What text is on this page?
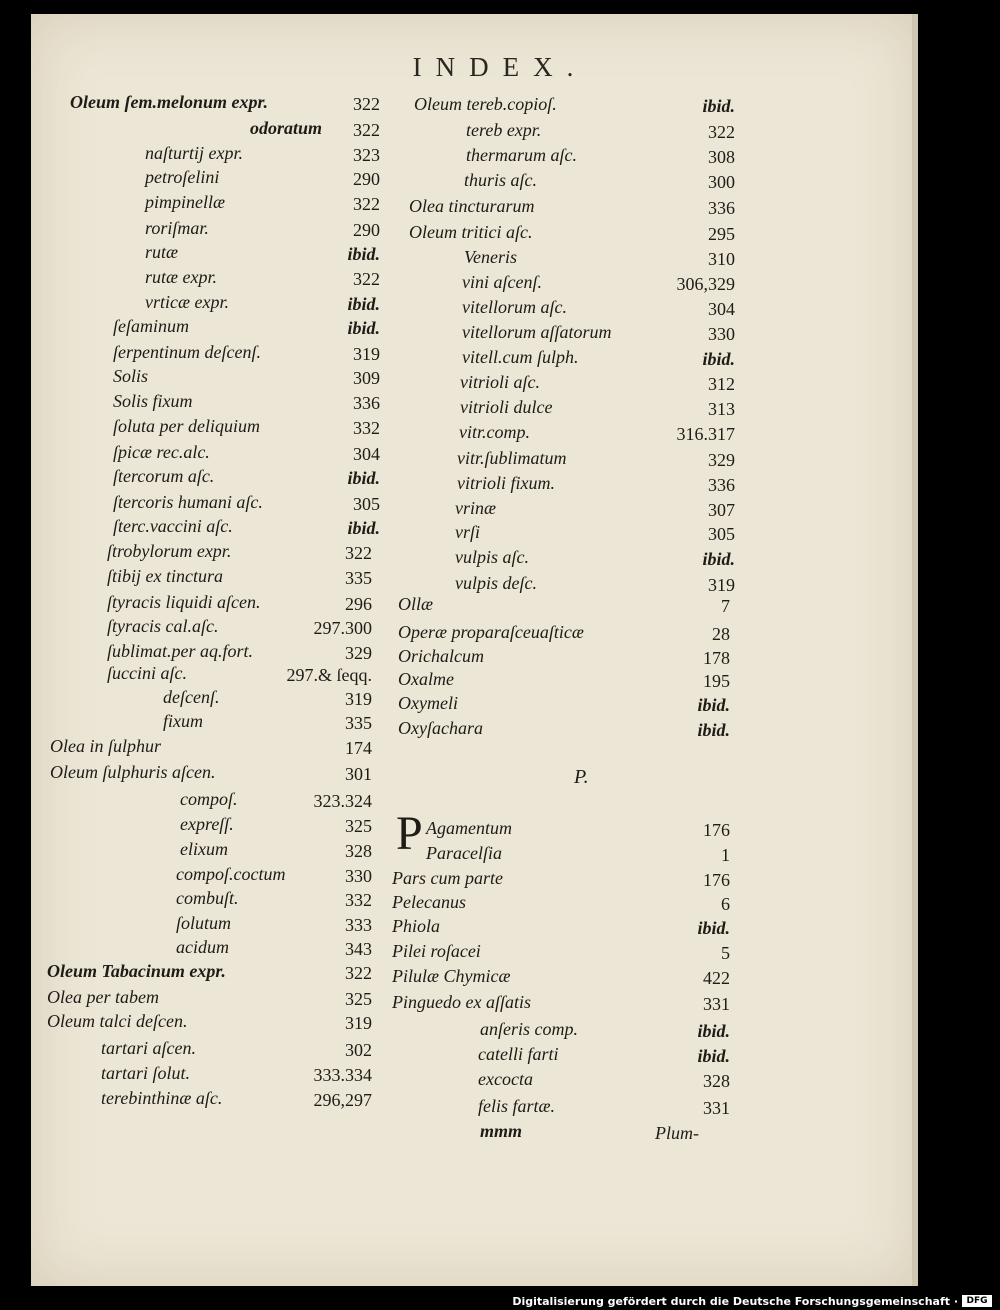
INDEX.
Oleum ſem.melonum expr.	322
odoratum	322
naſturtij expr.	323
petroſelini	290
pimpinellæ	322
roriſmar.	290
rutæ	ibid.
rutæ expr.	322
vrticæ expr.	ibid.
ſeſaminum	ibid.
ſerpentinum deſcenſ.	319
Solis	309
Solis fixum	336
ſoluta per deliquium	332
ſpicæ rec.alc.	304
ſtercorum aſc.	ibid.
ſtercoris humani aſc.	305
ſterc.vaccini aſc.	ibid.
ſtrobylorum expr.	322
ſtibij ex tinctura	335
ſtyracis liquidi aſcen.	296
ſtyracis cal.aſc.	297.300
ſublimat.per aq.fort.	329
ſuccini aſc.	297.& ſeqq.
deſcenſ.	319
fixum	335
Olea in ſulphur	174
Oleum ſulphuris aſcen.	301
compoſ.	323.324
expreſſ.	325
elixum	328
compoſ.coctum	330
combuſt.	332
ſolutum	333
acidum	343
Oleum Tabacinum expr.	322
Olea per tabem	325
Oleum talci deſcen.	319
tartari aſcen.	302
tartari ſolut.	333.334
terebinthinæ aſc.	296,297
Oleum tereb.copioſ.	ibid.
tereb expr.	322
thermarum aſc.	308
thuris aſc.	300
Olea tincturarum	336
Oleum tritici aſc.	295
Veneris	310
vini aſcenſ.	306,329
vitellorum aſc.	304
vitellorum aſſatorum	330
vitell.cum ſulph.	ibid.
vitrioli aſc.	312
vitrioli dulce	313
vitr.comp.	316.317
vitr.ſublimatum	329
vitrioli fixum.	336
vrinæ	307
vrſi	305
vulpis aſc.	ibid.
vulpis deſc.	319
Ollæ	7
Operæ proparaſceuaſticæ	28
Orichalcum	178
Oxalme	195
Oxymeli	ibid.
Oxyſachara	ibid.
P.
P Agamentum	176
Paracelſia	1
Pars cum parte	176
Pelecanus	6
Phiola	ibid.
Pilei roſacei	5
Pilulæ Chymicæ	422
Pinguedo ex aſſatis	331
anſeris comp.	ibid.
catelli farti	ibid.
excocta	328
felis fartæ.	331
mmm	Plum-
Digitalisierung gefördert durch die Deutsche Forschungsgemeinschaft · DFG
